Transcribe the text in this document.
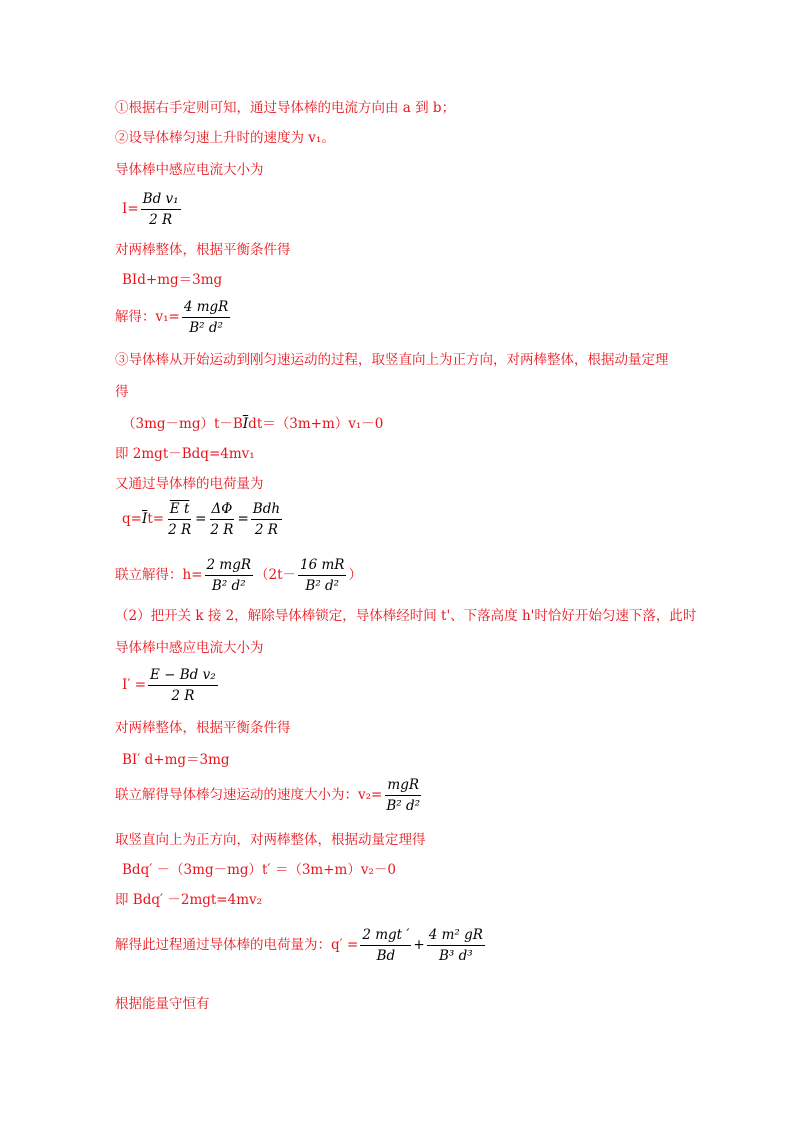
①根据右手定则可知，通过导体棒的电流方向由 a 到 b；
②设导体棒匀速上升时的速度为 v₁。
导体棒中感应电流大小为
$I= \frac{\text{Bd v₁}}{2 R}$
对两棒整体，根据平衡条件得
BId+mg＝3mg
解得：$v_1= \frac{\text{4 mgR}}{\text{B² d²}}$
③导体棒从开始运动到刚匀速运动的过程，取竖直向上为正方向，对两棒整体，根据动量定理
得
$(3mg-mg)t-B\overline{I}dt=(3m+m)v_1-0$
即 2mgt－Bdq=4mv₁
又通过导体棒的电荷量为
$q=\overline{I}t= \frac{\text{E t}}{2 R} = \frac{\Delta\Phi}{2 R} = \frac{\text{Bdh}}{2 R}$
联立解得：$h= \frac{\text{2 mgR}}{\text{B² d²}} (2t- \frac{16 mR}{\text{B² d²}}$ ）
（2）把开关 k 接 2，解除导体棒锁定，导体棒经时间 t'、下落高度 h'时恰好开始匀速下落，此时
导体棒中感应电流大小为
$I' = \frac{\text{E − Bd v₂}}{2 R}$
对两棒整体，根据平衡条件得
BI′ d+mg＝3mg
联立解得导体棒匀速运动的速度大小为：$v_2= \frac{\text{mgR}}{\text{B² d²}}$
取竖直向上为正方向，对两棒整体，根据动量定理得
Bdq′ －（3mg－mg）t′ ＝（3m+m）v₂－0
即 Bdq′ －2mgt=4mv₂
解得此过程通过导体棒的电荷量为：$q' = \frac{\text{2 mgt ′}}{Bd} + \frac{\text{4 m² gR}}{\text{B³ d³}}$
根据能量守恒有
